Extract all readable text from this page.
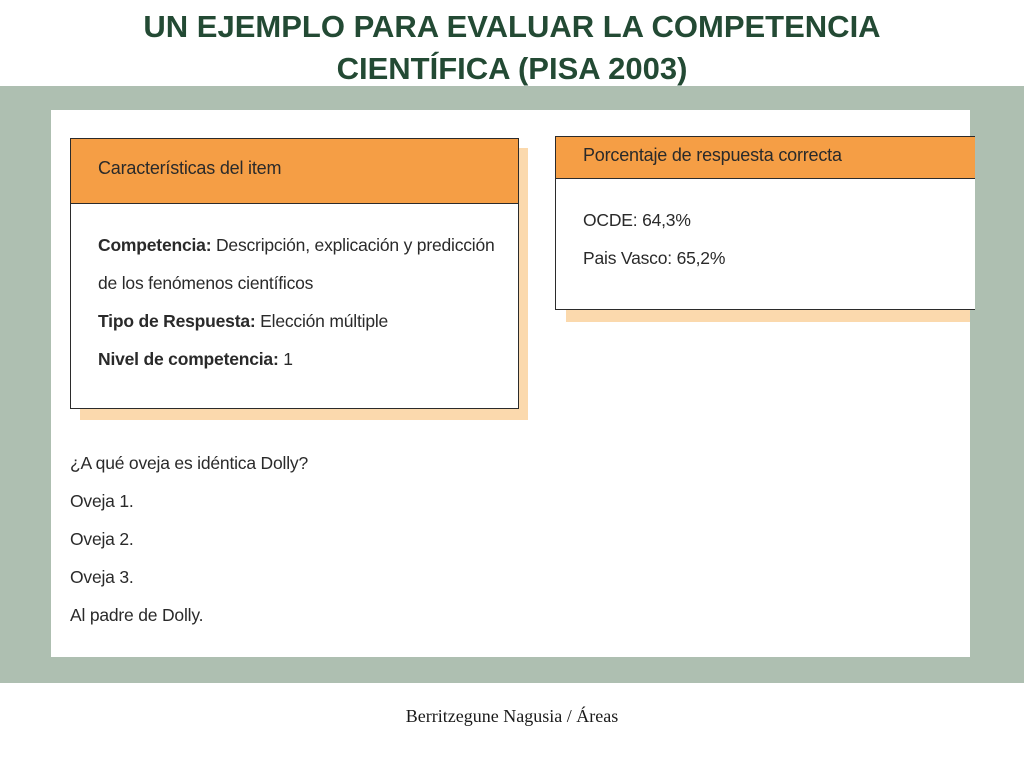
UN EJEMPLO PARA EVALUAR LA COMPETENCIA
CIENTÍFICA (PISA 2003)
Características del item
Competencia: Descripción, explicación y predicción
de los fenómenos científicos
Tipo de Respuesta: Elección múltiple
Nivel de competencia: 1
Porcentaje de respuesta correcta
OCDE: 64,3%
Pais Vasco: 65,2%
¿A qué oveja es idéntica Dolly?
Oveja 1.
Oveja 2.
Oveja 3.
Al padre de Dolly.
Berritzegune Nagusia / Áreas
